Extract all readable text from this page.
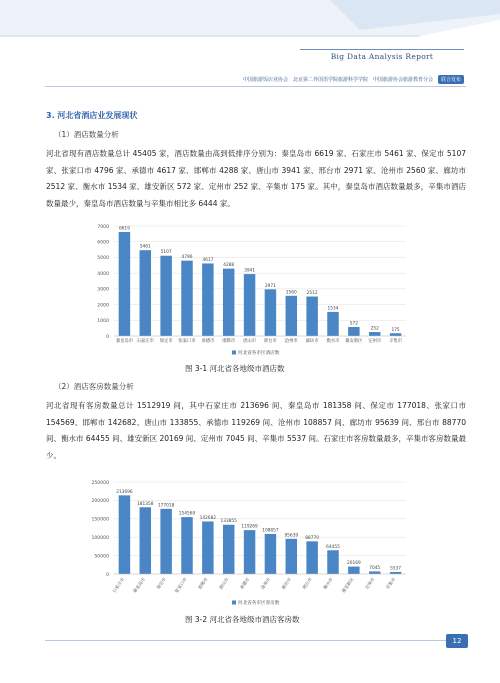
Big Data Analysis Report
中国旅游饭店业协会 北京第二外国语学院旅游科学学院 中国旅游协会旅游教育分会	联合发布
3. 河北省酒店业发展现状
（1）酒店数量分析

河北省现有酒店数量总计 45405 家，酒店数量由高到低排序分别为：秦皇岛市 6619 家、石家庄市 5461 家、保定市 5107 家、张家口市 4796 家、承德市 4617 家、邯郸市 4288 家、唐山市 3941 家、邢台市 2971 家、沧州市 2560 家、廊坊市 2512 家、衡水市 1534 家、雄安新区 572 家、定州市 252 家、辛集市 175 家。其中，秦皇岛市酒店数量最多，辛集市酒店数量最少，秦皇岛市酒店数量与辛集市相比多 6444 家。

0
1000
2000
3000
4000
5000
6000
7000 6619
秦皇岛市
5461
石家庄市
5107
保定市
4796
张家口市
4617
承德市
4288
邯郸市
3941
唐山市
2971
邢台市
2560
沧州市
2512
廊坊市
1534
衡水市
572
雄安新区
252
定州市
175
辛集市
河北省各市区酒店数
图 3-1 河北省各地级市酒店数
（2）酒店客房数量分析

河北省现有客房数量总计 1512919 间，其中石家庄市 213696 间、秦皇岛市 181358 间、保定市 177018、张家口市 154569、邯郸市 142682、唐山市 133855、承德市 119269 间、沧州市 108857 间、廊坊市 95639 间、邢台市 88770 间、衡水市 64455 间、雄安新区 20169 间、定州市 7045 间、辛集市 5537 间。石家庄市客房数量最多，辛集市客房数量最少。

0
50000
100000
150000
200000
250000
213696
石家庄市
181358
秦皇岛市
177018
保定市
154569
张家口市
142682
邯郸市
133855
唐山市
119269
承德市
108857
沧州市
95639
廊坊市
88770
邢台市
64455
衡水市
20169
雄安新区
7045
定州市
5537
辛集市
河北省各市区客房数
图 3-2 河北省各地级市酒店客房数
12
